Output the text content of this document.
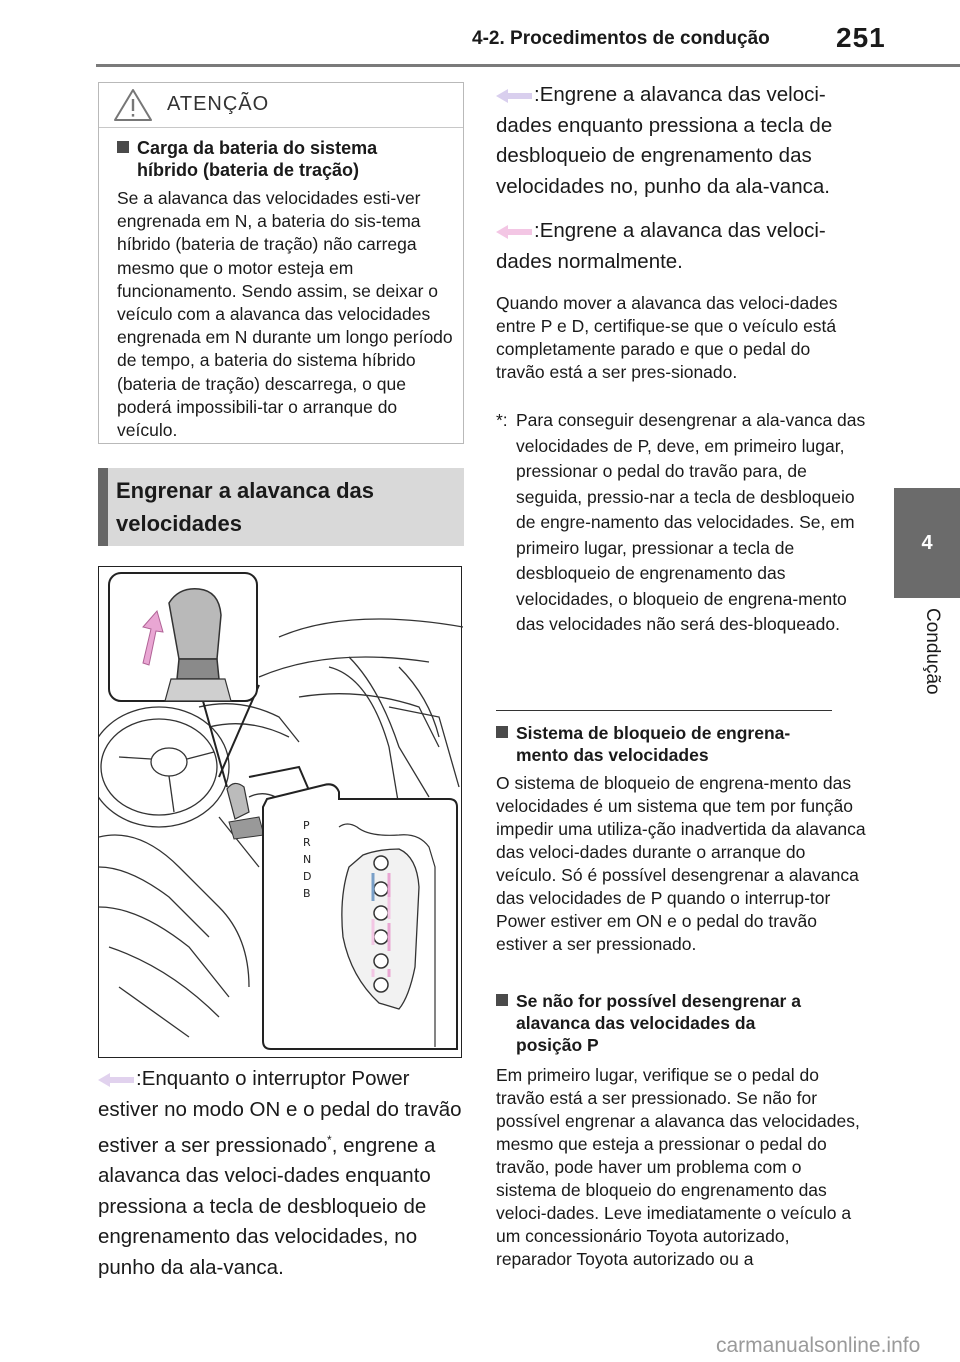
4-2. Procedimentos de condução 251
4
Condução
ATENÇÃO
Carga da bateria do sistema
híbrido (bateria de tração)
Se a alavanca das velocidades esti-ver engrenada em N, a bateria do sis-tema híbrido (bateria de tração) não carrega mesmo que o motor esteja em funcionamento. Sendo assim, se deixar o veículo com a alavanca das velocidades engrenada em N durante um longo período de tempo, a bateria do sistema híbrido (bateria de tração) descarrega, o que poderá impossibili-tar o arranque do veículo.
Engrenar a alavanca das velocidades
P
R
N
D
B
:Enquanto o interruptor Power estiver no modo ON e o pedal do travão estiver a ser pressionado*, engrene a alavanca das veloci-dades enquanto pressiona a tecla de desbloqueio de engrenamento das velocidades, no punho da ala-vanca.
:Engrene a alavanca das veloci-dades enquanto pressiona a tecla de desbloqueio de engrenamento das velocidades no, punho da ala-vanca.
:Engrene a alavanca das veloci-dades normalmente.
Quando mover a alavanca das veloci-dades entre P e D, certifique-se que o veículo está completamente parado e que o pedal do travão está a ser pres-sionado.
*: Para conseguir desengrenar a ala-vanca das velocidades de P, deve, em primeiro lugar, pressionar o pedal do travão para, de seguida, pressio-nar a tecla de desbloqueio de engre-namento das velocidades. Se, em primeiro lugar, pressionar a tecla de desbloqueio de engrenamento das velocidades, o bloqueio de engrena-mento das velocidades não será des-bloqueado.
Sistema de bloqueio de engrena-
mento das velocidades
O sistema de bloqueio de engrena-mento das velocidades é um sistema que tem por função impedir uma utiliza-ção inadvertida da alavanca das veloci-dades durante o arranque do veículo. Só é possível desengrenar a alavanca das velocidades de P quando o interrup-tor Power estiver em ON e o pedal do travão estiver a ser pressionado.
Se não for possível desengrenar a
alavanca das velocidades da
posição P
Em primeiro lugar, verifique se o pedal do travão está a ser pressionado. Se não for possível engrenar a alavanca das velocidades, mesmo que esteja a pressionar o pedal do travão, pode haver um problema com o sistema de bloqueio do engrenamento das veloci-dades. Leve imediatamente o veículo a um concessionário Toyota autorizado, reparador Toyota autorizado ou a
carmanualsonline.info
